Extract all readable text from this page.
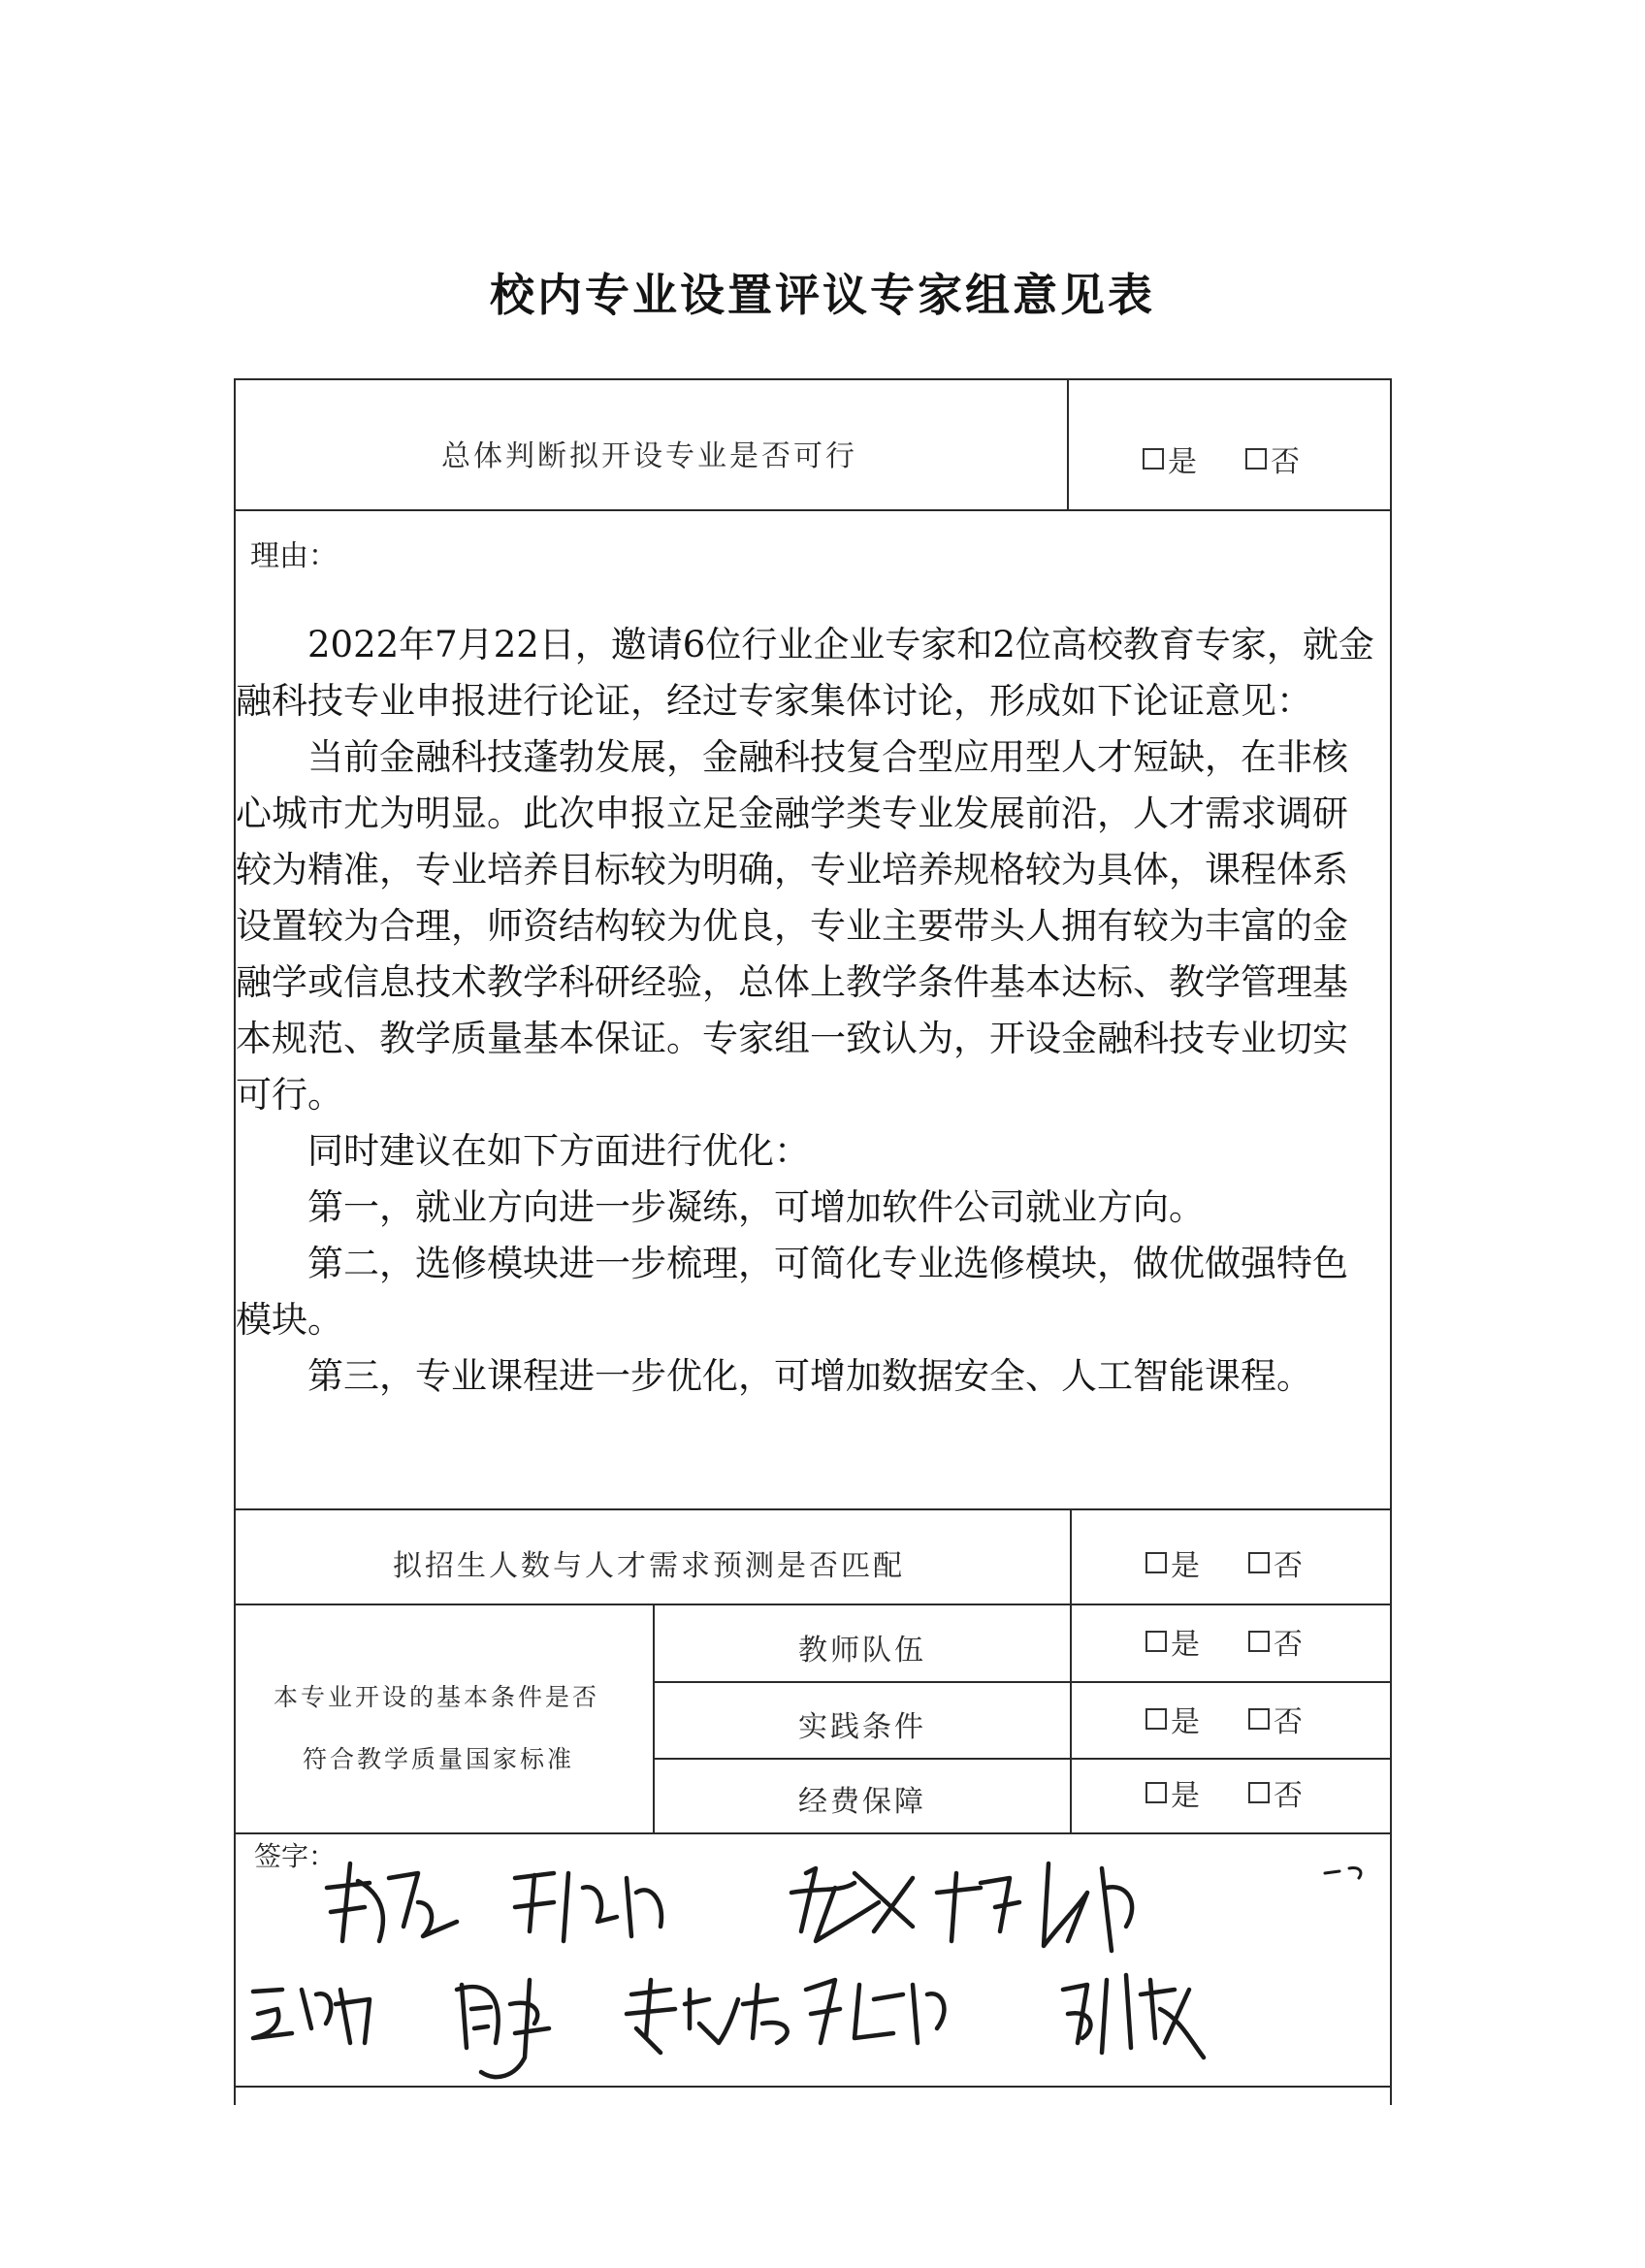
校内专业设置评议专家组意见表
总体判断拟开设专业是否可行	是	否
理由：

2022年7月22日，邀请6位行业企业专家和2位高校教育专家，就金融科技专业申报进行论证，经过专家集体讨论，形成如下论证意见：

当前金融科技蓬勃发展，金融科技复合型应用型人才短缺，在非核心城市尤为明显。此次申报立足金融学类专业发展前沿，人才需求调研较为精准，专业培养目标较为明确，专业培养规格较为具体，课程体系设置较为合理，师资结构较为优良，专业主要带头人拥有较为丰富的金融学或信息技术教学科研经验，总体上教学条件基本达标、教学管理基本规范、教学质量基本保证。专家组一致认为，开设金融科技专业切实可行。

同时建议在如下方面进行优化：

第一，就业方向进一步凝练，可增加软件公司就业方向。

第二，选修模块进一步梳理，可简化专业选修模块，做优做强特色模块。

第三，专业课程进一步优化，可增加数据安全、人工智能课程。

拟招生人数与人才需求预测是否匹配	是	否
本专业开设的基本条件是否
符合教学质量国家标准
教师队伍	是	否
实践条件	是	否
经费保障	是	否
签字：
